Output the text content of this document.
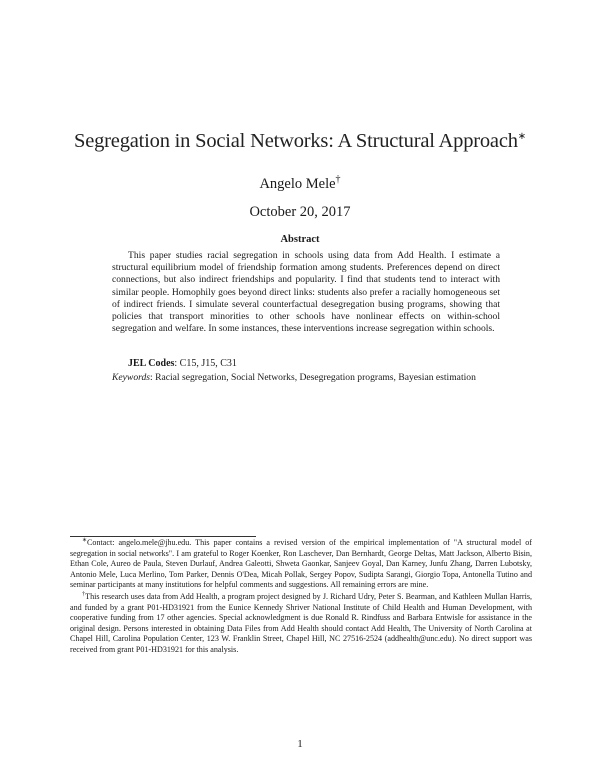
Segregation in Social Networks: A Structural Approach∗
Angelo Mele†
October 20, 2017
Abstract
This paper studies racial segregation in schools using data from Add Health. I estimate a structural equilibrium model of friendship formation among students. Preferences depend on direct connections, but also indirect friendships and popularity. I find that students tend to interact with similar people. Homophily goes beyond direct links: students also prefer a racially homogeneous set of indirect friends. I simulate several counterfactual desegregation busing programs, showing that policies that transport minorities to other schools have nonlinear effects on within-school segregation and welfare. In some instances, these interventions increase segregation within schools.
JEL Codes: C15, J15, C31
Keywords: Racial segregation, Social Networks, Desegregation programs, Bayesian estimation

∗Contact: angelo.mele@jhu.edu. This paper contains a revised version of the empirical implementation of "A structural model of segregation in social networks". I am grateful to Roger Koenker, Ron Laschever, Dan Bernhardt, George Deltas, Matt Jackson, Alberto Bisin, Ethan Cole, Aureo de Paula, Steven Durlauf, Andrea Galeotti, Shweta Gaonkar, Sanjeev Goyal, Dan Karney, Junfu Zhang, Darren Lubotsky, Antonio Mele, Luca Merlino, Tom Parker, Dennis O'Dea, Micah Pollak, Sergey Popov, Sudipta Sarangi, Giorgio Topa, Antonella Tutino and seminar participants at many institutions for helpful comments and suggestions. All remaining errors are mine.

†This research uses data from Add Health, a program project designed by J. Richard Udry, Peter S. Bearman, and Kathleen Mullan Harris, and funded by a grant P01-HD31921 from the Eunice Kennedy Shriver National Institute of Child Health and Human Development, with cooperative funding from 17 other agencies. Special acknowledgment is due Ronald R. Rindfuss and Barbara Entwisle for assistance in the original design. Persons interested in obtaining Data Files from Add Health should contact Add Health, The University of North Carolina at Chapel Hill, Carolina Population Center, 123 W. Franklin Street, Chapel Hill, NC 27516-2524 (addhealth@unc.edu). No direct support was received from grant P01-HD31921 for this analysis.

1
